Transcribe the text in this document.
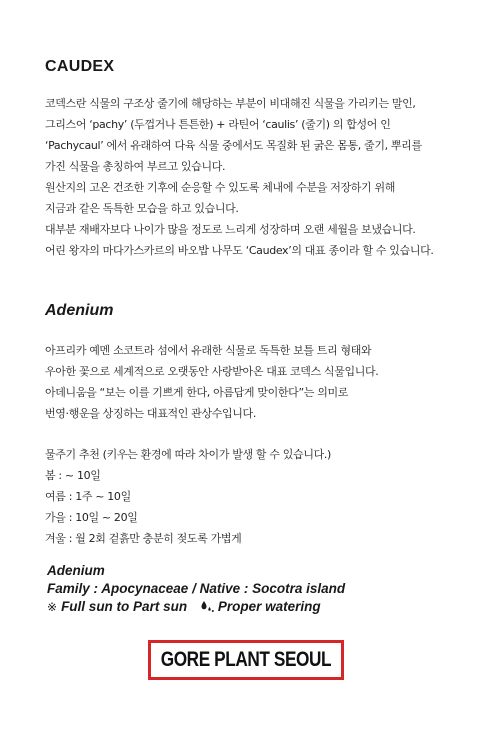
CAUDEX
코덱스란 식물의 구조상 줄기에 해당하는 부분이 비대해진 식물을 가리키는 말인,
그리스어 ‘pachy’ (두껍거나 튼튼한) + 라틴어 ‘caulis’ (줄기) 의 합성어 인
‘Pachycaul’ 에서 유래하여 다육 식물 중에서도 목질화 된 굵은 몸통, 줄기, 뿌리를
가진 식물을 총칭하여 부르고 있습니다.
원산지의 고온 건조한 기후에 순응할 수 있도록 체내에 수분을 저장하기 위해
지금과 같은 독특한 모습을 하고 있습니다.
대부분 재배자보다 나이가 많을 정도로 느리게 성장하며 오랜 세월을 보냈습니다.
어린 왕자의 마다가스카르의 바오밥 나무도 ‘Caudex’의 대표 종이라 할 수 있습니다.
Adenium
아프리카 예멘 소코트라 섬에서 유래한 식물로 독특한 보틀 트리 형태와
우아한 꽃으로 세계적으로 오랫동안 사랑받아온 대표 코덱스 식물입니다.
아데니움을 “보는 이를 기쁘게 한다, 아름답게 맞이한다”는 의미로
번영·행운을 상징하는 대표적인 관상수입니다.
물주기 추천 (키우는 환경에 따라 차이가 발생 할 수 있습니다.)
봄 : ~ 10일
여름 : 1주 ~ 10일
가을 : 10일 ~ 20일
겨울 : 월 2회 겉흙만 충분히 젖도록 가볍게
Adenium
Family : Apocynaceae / Native : Socotra island
※ Full sun to Part sun Proper watering
GORE PLANT SEOUL
